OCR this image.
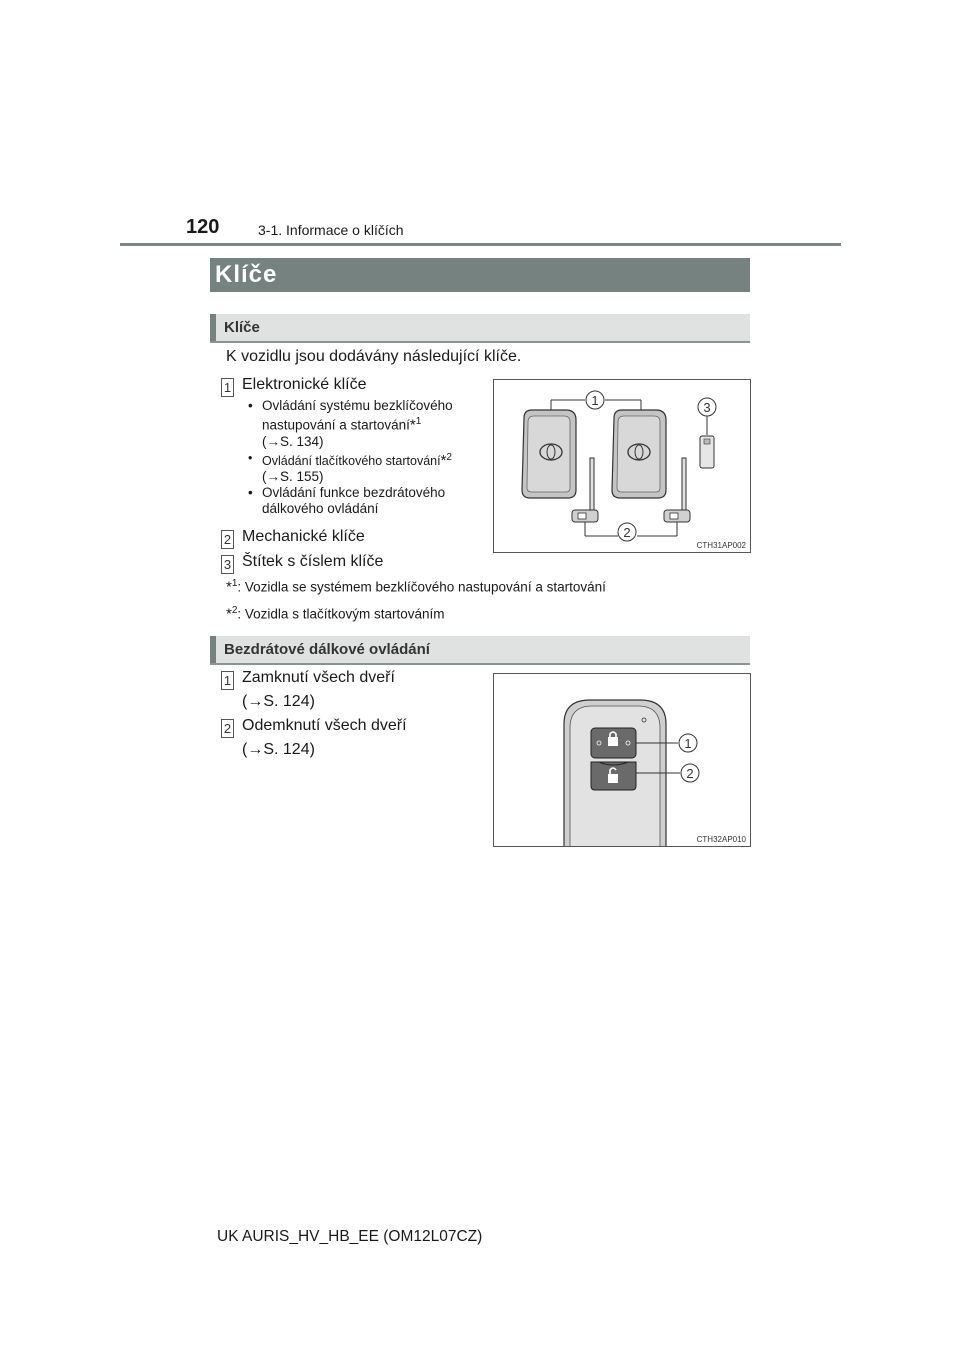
120	3-1. Informace o klíčích
Klíče
Klíče
K vozidlu jsou dodávány následující klíče.
1 Elektronické klíče
• Ovládání systému bezklíčového
nastupování a startování*$^1$
(→S. 134)
• Ovládání tlačítkového startování*$^2$
(→S. 155)
• Ovládání funkce bezdrátového
dálkového ovládání
2 Mechanické klíče
3 Štítek s číslem klíče
*$^1$: Vozidla se systémem bezklíčového nastupování a startování
*$^2$: Vozidla s tlačítkovým startováním
1
2
3
CTH31AP002
Bezdrátové dálkové ovládání
1 Zamknutí všech dveří
(→S. 124)
2 Odemknutí všech dveří
(→S. 124)	1
2
CTH32AP010
UK AURIS_HV_HB_EE (OM12L07CZ)
